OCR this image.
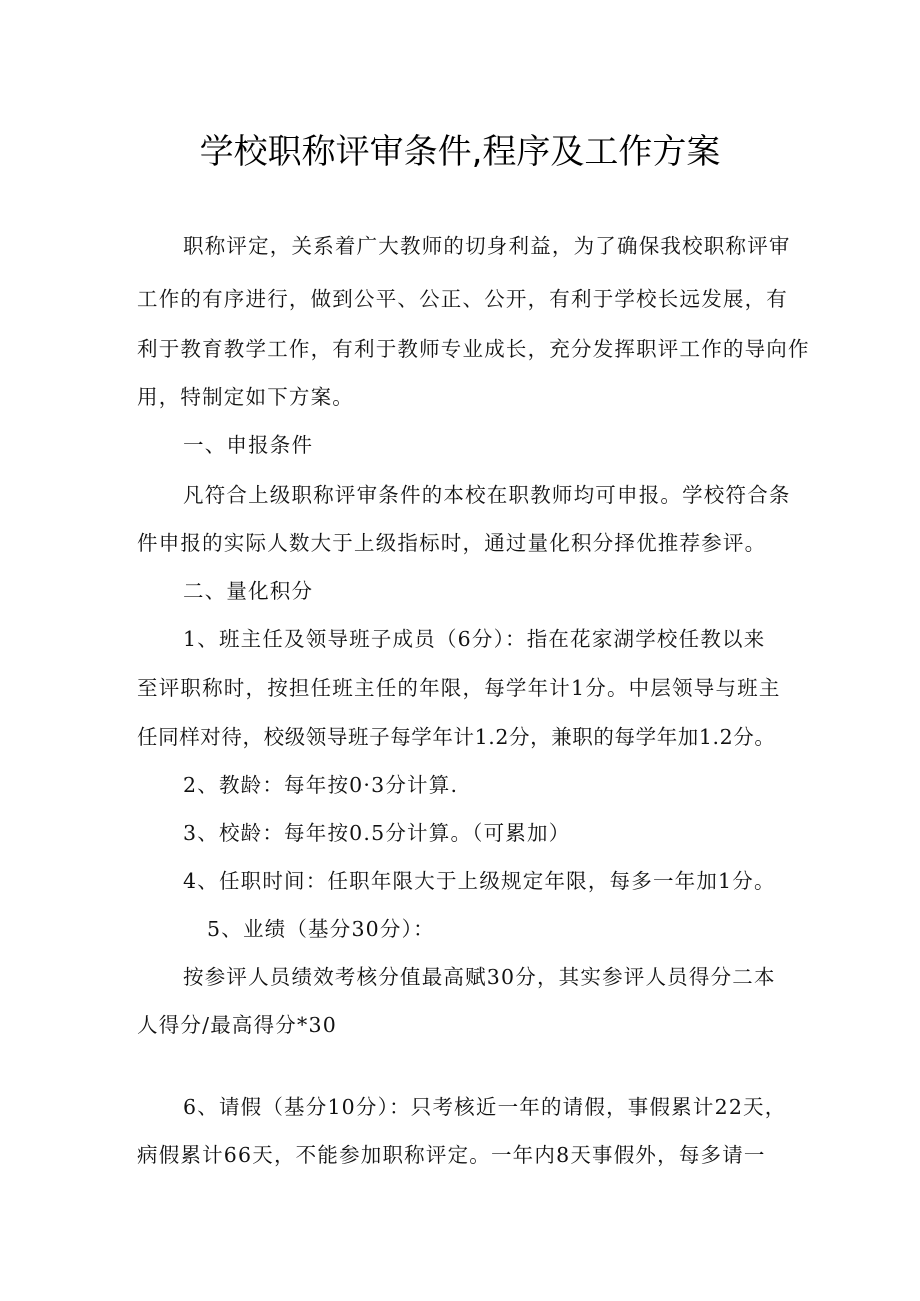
学校职称评审条件,程序及工作方案
职称评定，关系着广大教师的切身利益，为了确保我校职称评审
工作的有序进行，做到公平、公正、公开，有利于学校长远发展，有
利于教育教学工作，有利于教师专业成长，充分发挥职评工作的导向作
用，特制定如下方案。
一、申报条件
凡符合上级职称评审条件的本校在职教师均可申报。学校符合条
件申报的实际人数大于上级指标时，通过量化积分择优推荐参评。
二、量化积分
1、班主任及领导班子成员（6分）：指在花家湖学校任教以来
至评职称时，按担任班主任的年限，每学年计1分。中层领导与班主
任同样对待，校级领导班子每学年计1.2分，兼职的每学年加1.2分。
2、教龄：每年按0·3分计算.
3、校龄：每年按0.5分计算。（可累加）
4、任职时间：任职年限大于上级规定年限，每多一年加1分。
5、业绩（基分30分）：
按参评人员绩效考核分值最高赋30分，其实参评人员得分二本
人得分/最高得分*30
6、请假（基分10分）：只考核近一年的请假，事假累计22天，
病假累计66天，不能参加职称评定。一年内8天事假外，每多请一
